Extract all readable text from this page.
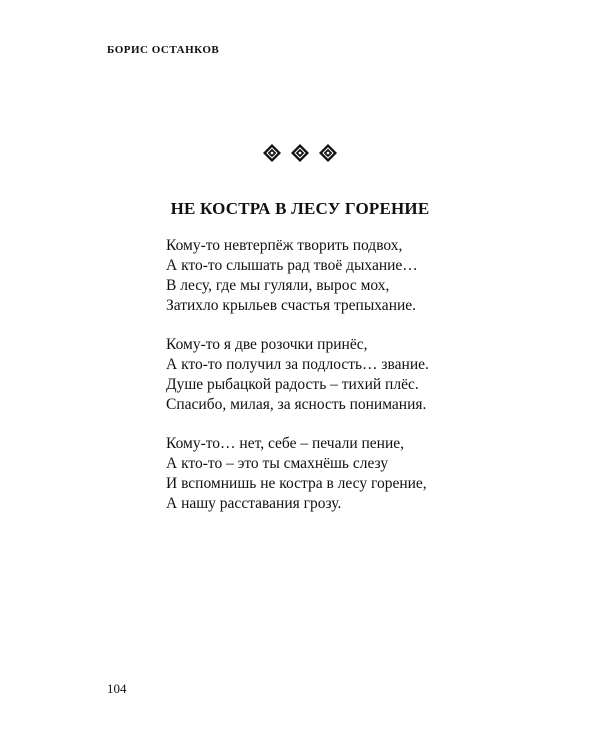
БОРИС ОСТАНКОВ
НЕ КОСТРА В ЛЕСУ ГОРЕНИЕ
Кому-то невтерпёж творить подвох,
А кто-то слышать рад твоё дыхание…
В лесу, где мы гуляли, вырос мох,
Затихло крыльев счастья трепыхание.
Кому-то я две розочки принёс,
А кто-то получил за подлость… звание.
Душе рыбацкой радость – тихий плёс.
Спасибо, милая, за ясность понимания.
Кому-то… нет, себе – печали пение,
А кто-то – это ты смахнёшь слезу
И вспомнишь не костра в лесу горение,
А нашу расставания грозу.
104
